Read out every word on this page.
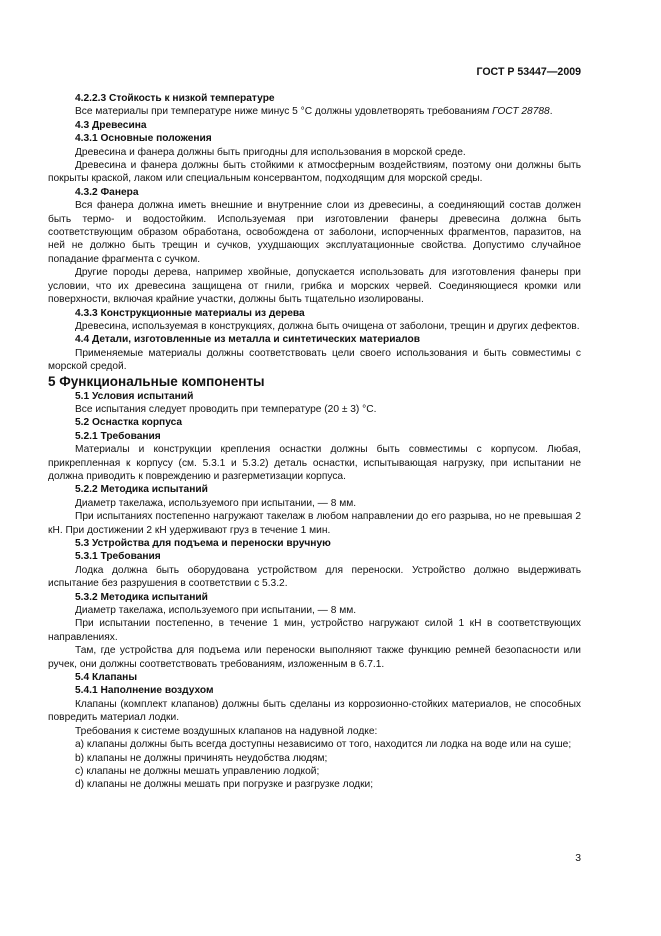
ГОСТ Р 53447—2009

4.2.2.3 Стойкость к низкой температуре

Все материалы при температуре ниже минус 5 °С должны удовлетворять требованиям ГОСТ 28788.

4.3 Древесина

4.3.1 Основные положения

Древесина и фанера должны быть пригодны для использования в морской среде.

Древесина и фанера должны быть стойкими к атмосферным воздействиям, поэтому они должны быть покрыты краской, лаком или специальным консервантом, подходящим для морской среды.

4.3.2 Фанера

Вся фанера должна иметь внешние и внутренние слои из древесины, а соединяющий состав должен быть термо- и водостойким. Используемая при изготовлении фанеры древесина должна быть соответствующим образом обработана, освобождена от заболони, испорченных фрагментов, паразитов, на ней не должно быть трещин и сучков, ухудшающих эксплуатационные свойства. Допустимо случайное попадание фрагмента с сучком.

Другие породы дерева, например хвойные, допускается использовать для изготовления фанеры при условии, что их древесина защищена от гнили, грибка и морских червей. Соединяющиеся кромки или поверхности, включая крайние участки, должны быть тщательно изолированы.

4.3.3 Конструкционные материалы из дерева

Древесина, используемая в конструкциях, должна быть очищена от заболони, трещин и других дефектов.

4.4 Детали, изготовленные из металла и синтетических материалов

Применяемые материалы должны соответствовать цели своего использования и быть совместимы с морской средой.

5 Функциональные компоненты

5.1 Условия испытаний

Все испытания следует проводить при температуре (20 ± 3) °С.

5.2 Оснастка корпуса

5.2.1 Требования

Материалы и конструкции крепления оснастки должны быть совместимы с корпусом. Любая, прикрепленная к корпусу (см. 5.3.1 и 5.3.2) деталь оснастки, испытывающая нагрузку, при испытании не должна приводить к повреждению и разгерметизации корпуса.

5.2.2 Методика испытаний

Диаметр такелажа, используемого при испытании, — 8 мм.

При испытаниях постепенно нагружают такелаж в любом направлении до его разрыва, но не превышая 2 кН. При достижении 2 кН удерживают груз в течение 1 мин.

5.3 Устройства для подъема и переноски вручную

5.3.1 Требования

Лодка должна быть оборудована устройством для переноски. Устройство должно выдерживать испытание без разрушения в соответствии с 5.3.2.

5.3.2 Методика испытаний

Диаметр такелажа, используемого при испытании, — 8 мм.

При испытании постепенно, в течение 1 мин, устройство нагружают силой 1 кН в соответствующих направлениях.

Там, где устройства для подъема или переноски выполняют также функцию ремней безопасности или ручек, они должны соответствовать требованиям, изложенным в 6.7.1.

5.4 Клапаны

5.4.1 Наполнение воздухом

Клапаны (комплект клапанов) должны быть сделаны из коррозионно-стойких материалов, не способных повредить материал лодки.

Требования к системе воздушных клапанов на надувной лодке:

a) клапаны должны быть всегда доступны независимо от того, находится ли лодка на воде или на суше;

b) клапаны не должны причинять неудобства людям;

c) клапаны не должны мешать управлению лодкой;

d) клапаны не должны мешать при погрузке и разгрузке лодки;

3
